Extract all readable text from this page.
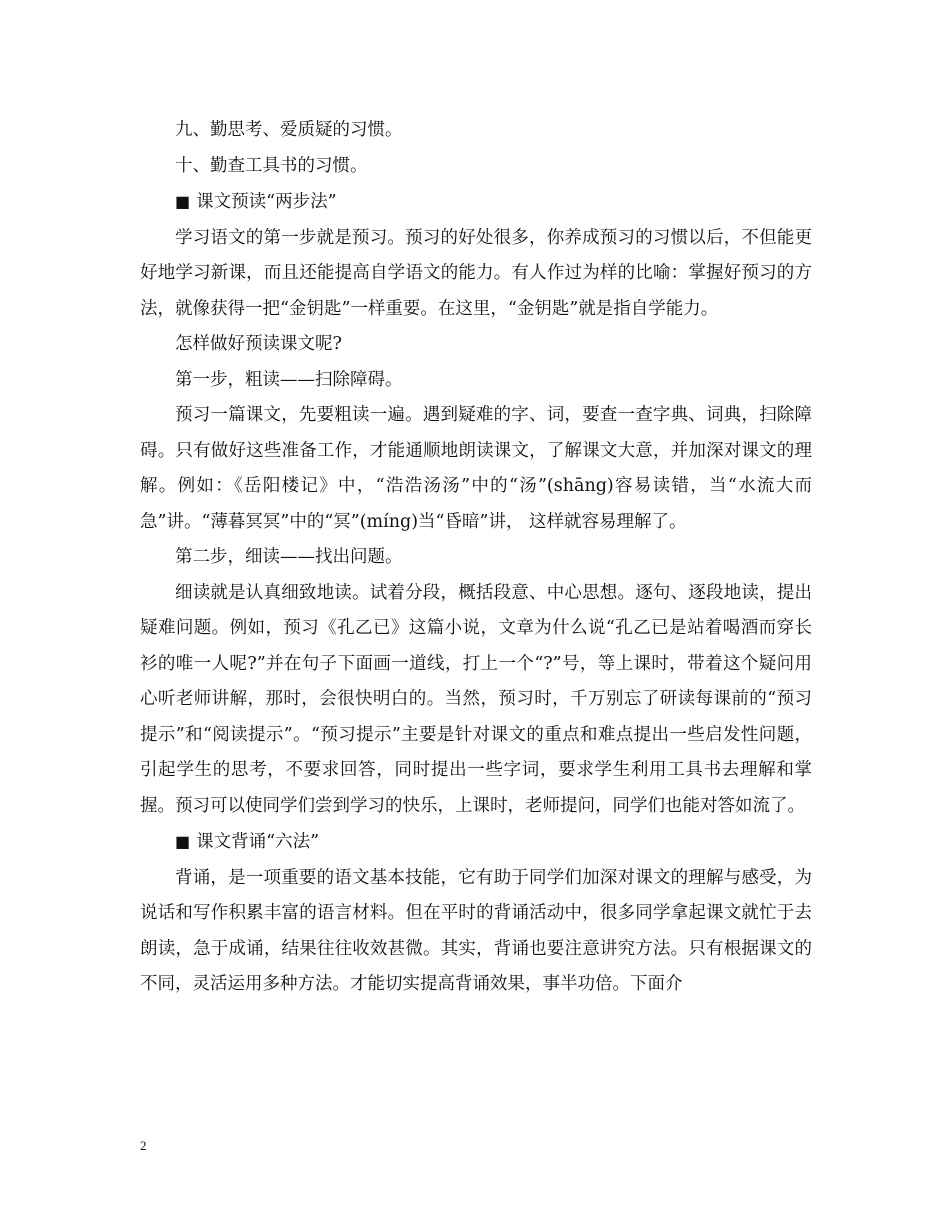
九、勤思考、爱质疑的习惯。

十、勤查工具书的习惯。

■ 课文预读“两步法”

学习语文的第一步就是预习。预习的好处很多，你养成预习的习惯以后，不但能更好地学习新课，而且还能提高自学语文的能力。有人作过为样的比喻：掌握好预习的方法，就像获得一把“金钥匙”一样重要。在这里，“金钥匙”就是指自学能力。

怎样做好预读课文呢?

第一步，粗读——扫除障碍。

预习一篇课文，先要粗读一遍。遇到疑难的字、词，要查一查字典、词典，扫除障碍。只有做好这些准备工作，才能通顺地朗读课文，了解课文大意，并加深对课文的理解。例如：《岳阳楼记》中，“浩浩汤汤”中的“汤”(shāng)容易读错，当“水流大而急”讲。“薄暮冥冥”中的“冥”(míng)当“昏暗”讲， 这样就容易理解了。

第二步，细读——找出问题。

细读就是认真细致地读。试着分段，概括段意、中心思想。逐句、逐段地读，提出疑难问题。例如，预习《孔乙已》这篇小说，文章为什么说“孔乙已是站着喝酒而穿长衫的唯一人呢?”并在句子下面画一道线，打上一个“?”号，等上课时，带着这个疑问用心听老师讲解，那时，会很快明白的。当然，预习时，千万别忘了研读每课前的“预习提示”和“阅读提示”。“预习提示”主要是针对课文的重点和难点提出一些启发性问题，引起学生的思考，不要求回答，同时提出一些字词，要求学生利用工具书去理解和掌握。预习可以使同学们尝到学习的快乐，上课时，老师提问，同学们也能对答如流了。

■ 课文背诵“六法”

背诵，是一项重要的语文基本技能，它有助于同学们加深对课文的理解与感受，为说话和写作积累丰富的语言材料。但在平时的背诵活动中，很多同学拿起课文就忙于去朗读，急于成诵，结果往往收效甚微。其实，背诵也要注意讲究方法。只有根据课文的不同，灵活运用多种方法。才能切实提高背诵效果，事半功倍。下面介

2
